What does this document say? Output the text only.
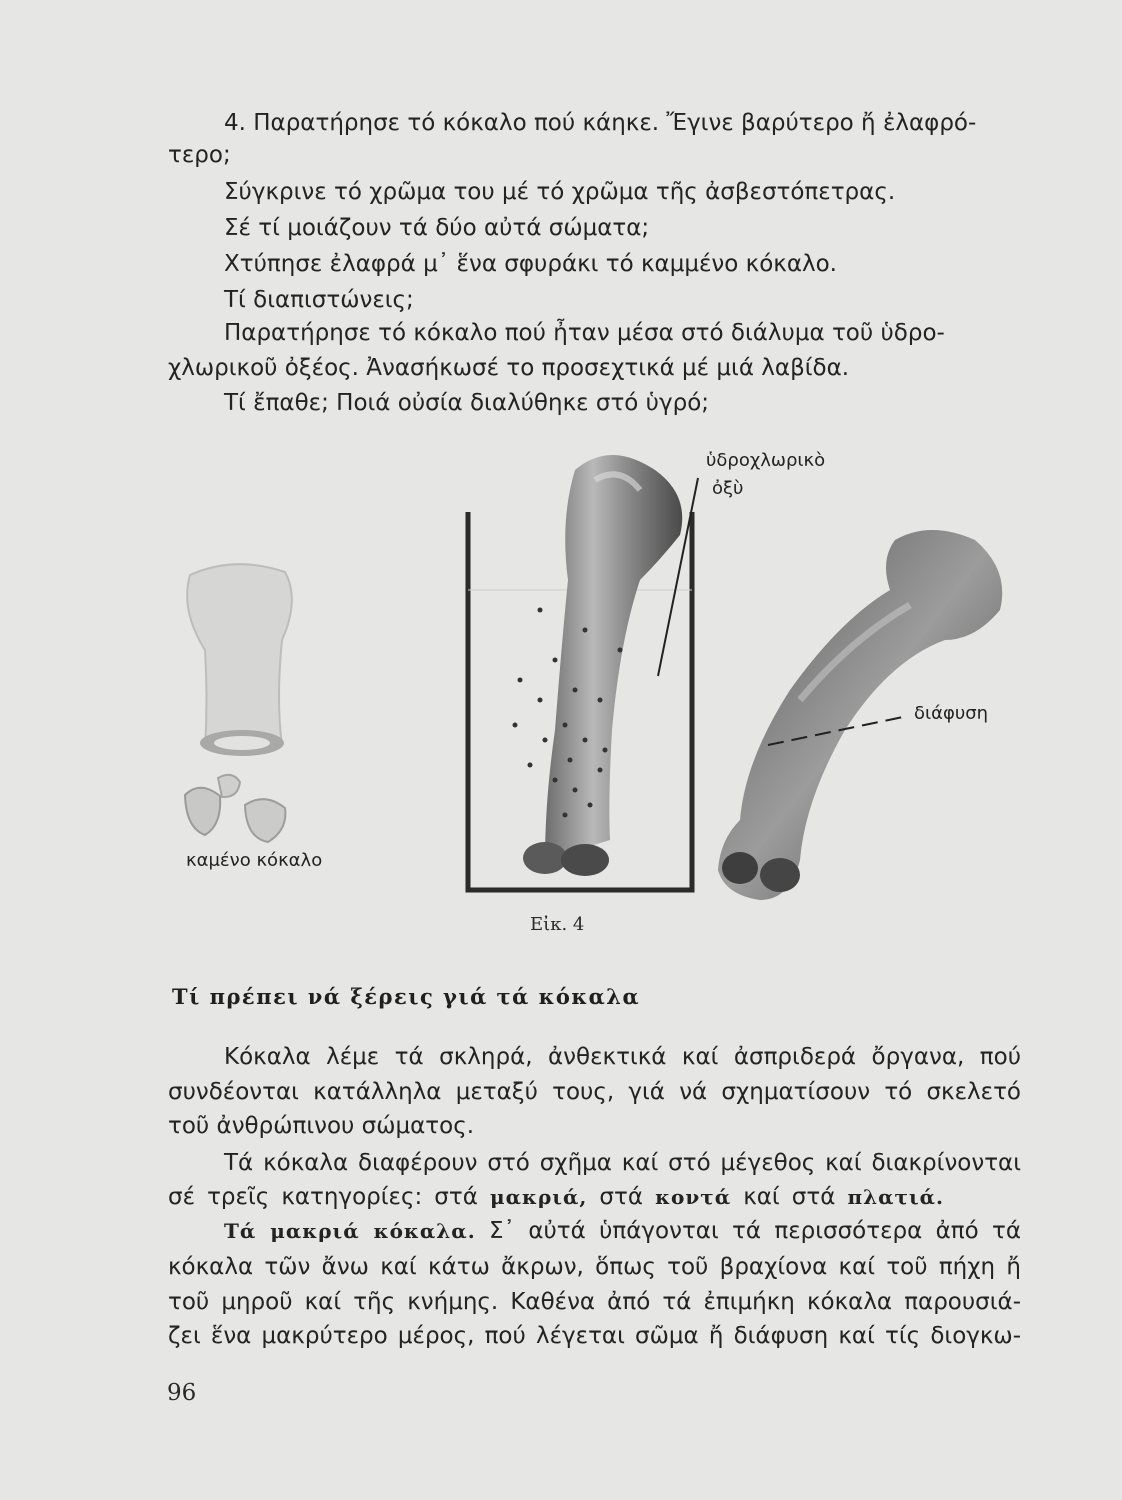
4. Παρατήρησε τό κόκαλο πού κάηκε. Ἔγινε βαρύτερο ἤ ἐλαφρό-
τερο;
Σύγκρινε τό χρῶμα του μέ τό χρῶμα τῆς ἀσβεστόπετρας.
Σέ τί μοιάζουν τά δύο αὐτά σώματα;
Χτύπησε ἐλαφρά μ᾿ ἕνα σφυράκι τό καμμένο κόκαλο.
Τί διαπιστώνεις;
Παρατήρησε τό κόκαλο πού ἦταν μέσα στό διάλυμα τοῦ ὑδρο-
χλωρικοῦ ὀξέος. Ἀνασήκωσέ το προσεχτικά μέ μιά λαβίδα.
Τί ἔπαθε; Ποιά οὐσία διαλύθηκε στό ὑγρό;
καμένο κόκαλο
ὑδροχλωρικὸ
ὀξὺ
διάφυση
Εἰκ. 4
Τί πρέπει νά ξέρεις γιά τά κόκαλα
Κόκαλα λέμε τά σκληρά, ἀνθεκτικά καί ἀσπριδερά ὄργανα, πού
συνδέονται κατάλληλα μεταξύ τους, γιά νά σχηματίσουν τό σκελετό
τοῦ ἀνθρώπινου σώματος.
Τά κόκαλα διαφέρουν στό σχῆμα καί στό μέγεθος καί διακρίνονται
σέ τρεῖς κατηγορίες: στά μακριά, στά κοντά καί στά πλατιά.
Τά μακριά κόκαλα. Σ᾿ αὐτά ὑπάγονται τά περισσότερα ἀπό τά
κόκαλα τῶν ἄνω καί κάτω ἄκρων, ὅπως τοῦ βραχίονα καί τοῦ πήχη ἤ
τοῦ μηροῦ καί τῆς κνήμης. Καθένα ἀπό τά ἐπιμήκη κόκαλα παρουσιά-
ζει ἕνα μακρύτερο μέρος, πού λέγεται σῶμα ἤ διάφυση καί τίς διογκω-
96
